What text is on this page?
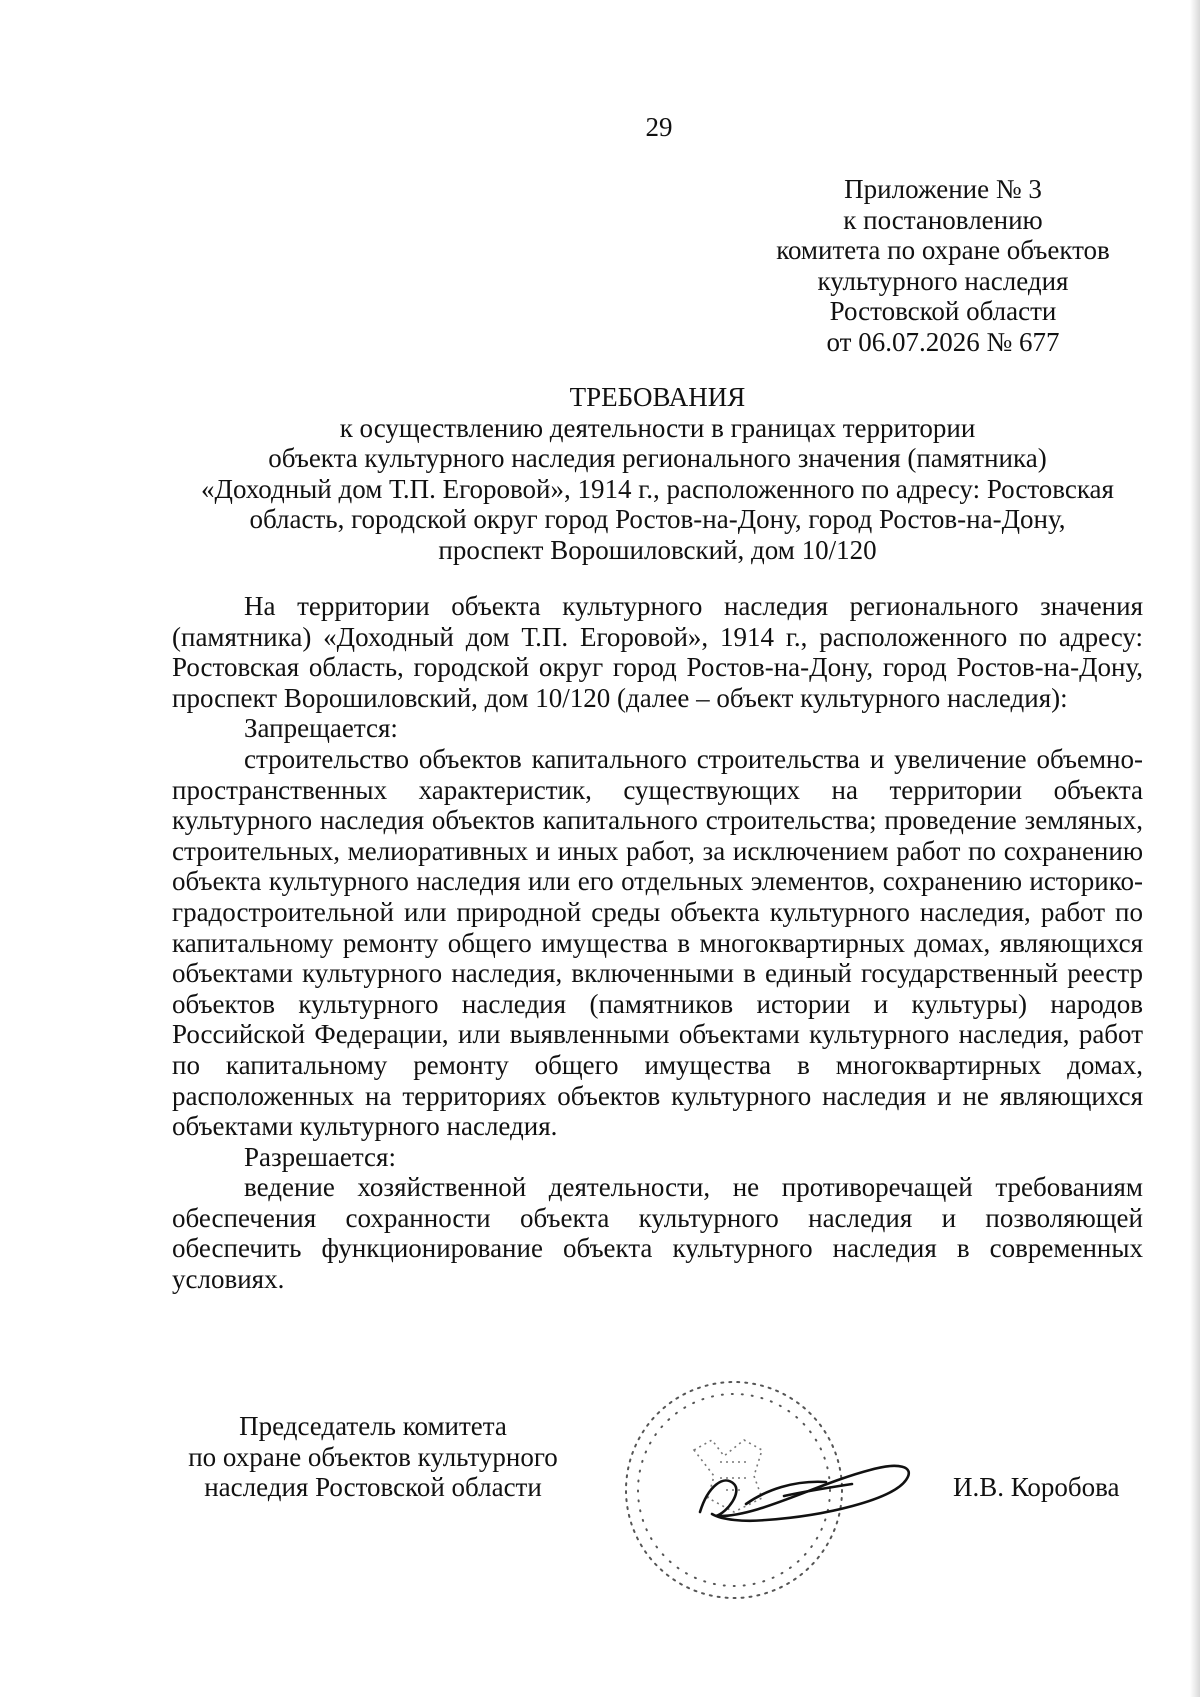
29
Приложение № 3
к постановлению
комитета по охране объектов
культурного наследия
Ростовской области
от 06.07.2026 № 677
ТРЕБОВАНИЯ
к осуществлению деятельности в границах территории
объекта культурного наследия регионального значения (памятника)
«Доходный дом Т.П. Егоровой», 1914 г., расположенного по адресу: Ростовская
область, городской округ город Ростов-на-Дону, город Ростов-на-Дону,
проспект Ворошиловский, дом 10/120

На территории объекта культурного наследия регионального значения (памятника) «Доходный дом Т.П. Егоровой», 1914 г., расположенного по адресу: Ростовская область, городской округ город Ростов-на-Дону, город Ростов-на-Дону, проспект Ворошиловский, дом 10/120 (далее – объект культурного наследия):

Запрещается:

строительство объектов капитального строительства и увеличение объемно-пространственных характеристик, существующих на территории объекта культурного наследия объектов капитального строительства; проведение земляных, строительных, мелиоративных и иных работ, за исключением работ по сохранению объекта культурного наследия или его отдельных элементов, сохранению историко-градостроительной или природной среды объекта культурного наследия, работ по капитальному ремонту общего имущества в многоквартирных домах, являющихся объектами культурного наследия, включенными в единый государственный реестр объектов культурного наследия (памятников истории и культуры) народов Российской Федерации, или выявленными объектами культурного наследия, работ по капитальному ремонту общего имущества в многоквартирных домах, расположенных на территориях объектов культурного наследия и не являющихся объектами культурного наследия.

Разрешается:

ведение хозяйственной деятельности, не противоречащей требованиям обеспечения сохранности объекта культурного наследия и позволяющей обеспечить функционирование объекта культурного наследия в современных условиях.

Председатель комитета
по охране объектов культурного
наследия Ростовской области	И.В. Коробова
